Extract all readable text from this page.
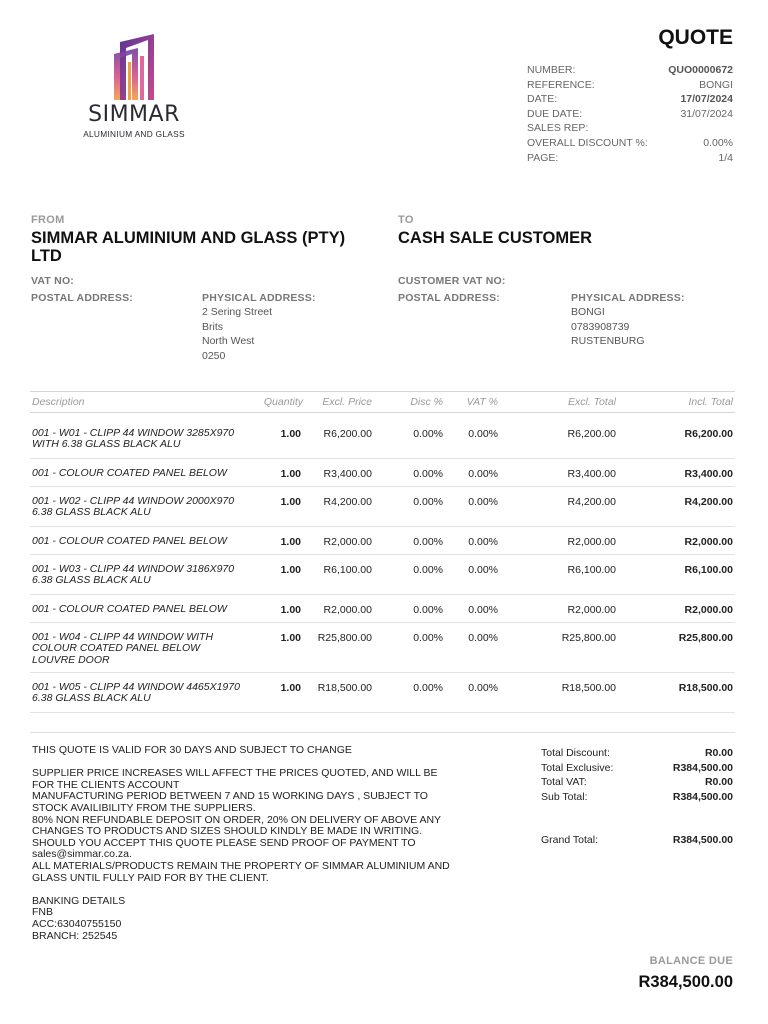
SIMMAR
ALUMINIUM AND GLASS
QUOTE
NUMBER:	QUO0000672
REFERENCE:	BONGI
DATE:	17/07/2024
DUE DATE:	31/07/2024
SALES REP:
OVERALL DISCOUNT %:	0.00%
PAGE:	1/4
FROM
SIMMAR ALUMINIUM AND GLASS (PTY) LTD
VAT NO:
POSTAL ADDRESS:	PHYSICAL ADDRESS:
2 Sering Street
Brits
North West
0250
TO
CASH SALE CUSTOMER
CUSTOMER VAT NO:
POSTAL ADDRESS:	PHYSICAL ADDRESS:
BONGI
0783908739
RUSTENBURG
Description	Quantity Excl. Price	Disc % VAT %	Excl. Total	Incl. Total
001 - W01 - CLIPP 44 WINDOW 3285X970
WITH 6.38 GLASS BLACK ALU
1.00 R6,200.00	0.00% 0.00%	R6,200.00	R6,200.00
001 - COLOUR COATED PANEL BELOW	1.00 R3,400.00	0.00% 0.00%	R3,400.00	R3,400.00
001 - W02 - CLIPP 44 WINDOW 2000X970
6.38 GLASS BLACK ALU
1.00 R4,200.00	0.00% 0.00%	R4,200.00	R4,200.00
001 - COLOUR COATED PANEL BELOW	1.00 R2,000.00	0.00% 0.00%	R2,000.00	R2,000.00
001 - W03 - CLIPP 44 WINDOW 3186X970
6.38 GLASS BLACK ALU
1.00 R6,100.00	0.00% 0.00%	R6,100.00	R6,100.00
001 - COLOUR COATED PANEL BELOW	1.00 R2,000.00	0.00% 0.00%	R2,000.00	R2,000.00
001 - W04 - CLIPP 44 WINDOW WITH
COLOUR COATED PANEL BELOW
LOUVRE DOOR
1.00 R25,800.00	0.00% 0.00%	R25,800.00	R25,800.00
001 - W05 - CLIPP 44 WINDOW 4465X1970
6.38 GLASS BLACK ALU
1.00 R18,500.00	0.00% 0.00%	R18,500.00	R18,500.00
THIS QUOTE IS VALID FOR 30 DAYS AND SUBJECT TO CHANGE
SUPPLIER PRICE INCREASES WILL AFFECT THE PRICES QUOTED, AND WILL BE
FOR THE CLIENTS ACCOUNT
MANUFACTURING PERIOD BETWEEN 7 AND 15 WORKING DAYS , SUBJECT TO
STOCK AVAILIBILITY FROM THE SUPPLIERS.
80% NON REFUNDABLE DEPOSIT ON ORDER, 20% ON DELIVERY OF ABOVE ANY
CHANGES TO PRODUCTS AND SIZES SHOULD KINDLY BE MADE IN WRITING.
SHOULD YOU ACCEPT THIS QUOTE PLEASE SEND PROOF OF PAYMENT TO
sales@simmar.co.za.
ALL MATERIALS/PRODUCTS REMAIN THE PROPERTY OF SIMMAR ALUMINIUM AND
GLASS UNTIL FULLY PAID FOR BY THE CLIENT.
BANKING DETAILS
FNB
ACC:63040755150
BRANCH: 252545
Total Discount:	R0.00
Total Exclusive:	R384,500.00
Total VAT:	R0.00
Sub Total:	R384,500.00
Grand Total:	R384,500.00
BALANCE DUE
R384,500.00
